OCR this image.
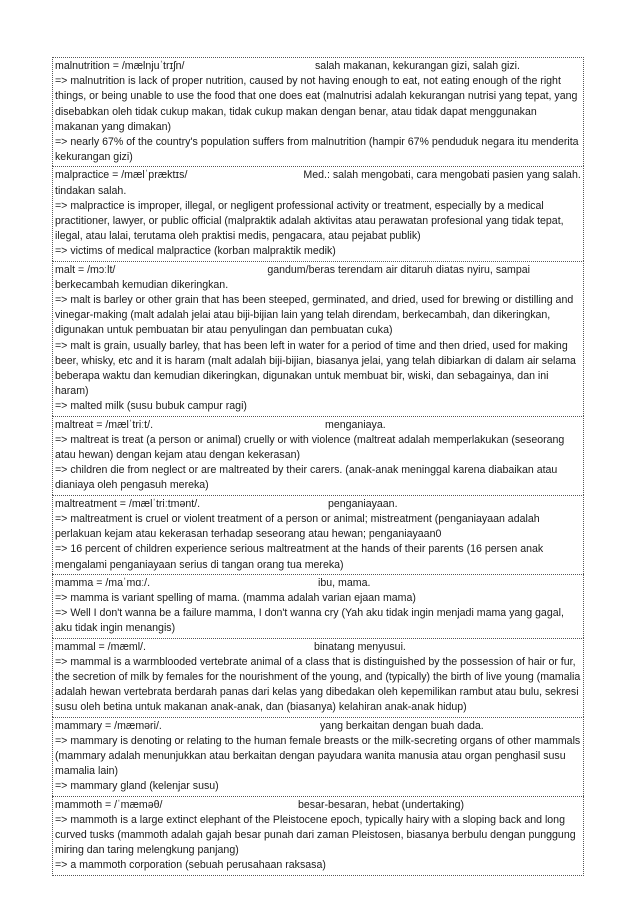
malnutrition = /mælnjuˈtrɪʃn/	salah makanan, kekurangan gizi, salah gizi.
=> malnutrition is lack of proper nutrition, caused by not having enough to eat, not eating enough of the right things, or being unable to use the food that one does eat (malnutrisi adalah kekurangan nutrisi yang tepat, yang disebabkan oleh tidak cukup makan, tidak cukup makan dengan benar, atau tidak dapat menggunakan makanan yang dimakan)
=> nearly 67% of the country's population suffers from malnutrition (hampir 67% penduduk negara itu menderita kekurangan gizi)
malpractice = /mælˈpræktɪs/	Med.: salah mengobati, cara mengobati pasien yang salah. tindakan salah.
=> malpractice is improper, illegal, or negligent professional activity or treatment, especially by a medical practitioner, lawyer, or public official (malpraktik adalah aktivitas atau perawatan profesional yang tidak tepat, ilegal, atau lalai, terutama oleh praktisi medis, pengacara, atau pejabat publik)
=> victims of medical malpractice (korban malpraktik medik)
malt = /mɔːlt/	gandum/beras terendam air ditaruh diatas nyiru, sampai berkecambah kemudian dikeringkan.
=> malt is barley or other grain that has been steeped, germinated, and dried, used for brewing or distilling and vinegar-making (malt adalah jelai atau biji-bijian lain yang telah direndam, berkecambah, dan dikeringkan, digunakan untuk pembuatan bir atau penyulingan dan pembuatan cuka)
=> malt is grain, usually barley, that has been left in water for a period of time and then dried, used for making beer, whisky, etc and it is haram (malt adalah biji-bijian, biasanya jelai, yang telah dibiarkan di dalam air selama beberapa waktu dan kemudian dikeringkan, digunakan untuk membuat bir, wiski, dan sebagainya, dan ini haram)
=> malted milk (susu bubuk campur ragi)
maltreat = /mælˈtriːt/.	menganiaya.
=> maltreat is treat (a person or animal) cruelly or with violence (maltreat adalah memperlakukan (seseorang atau hewan) dengan kejam atau dengan kekerasan)
=> children die from neglect or are maltreated by their carers. (anak-anak meninggal karena diabaikan atau dianiaya oleh pengasuh mereka)
maltreatment = /mælˈtriːtmənt/.	penganiayaan.
=> maltreatment is cruel or violent treatment of a person or animal; mistreatment (penganiayaan adalah perlakuan kejam atau kekerasan terhadap seseorang atau hewan; penganiayaan0
=> 16 percent of children experience serious maltreatment at the hands of their parents (16 persen anak mengalami penganiayaan serius di tangan orang tua mereka)
mamma = /maˈmɑː/.	ibu, mama.
=> mamma is variant spelling of mama. (mamma adalah varian ejaan mama)
=> Well I don't wanna be a failure mamma, I don't wanna cry (Yah aku tidak ingin menjadi mama yang gagal, aku tidak ingin menangis)
mammal = /mæml/.	binatang menyusui.
=> mammal is a warmblooded vertebrate animal of a class that is distinguished by the possession of hair or fur, the secretion of milk by females for the nourishment of the young, and (typically) the birth of live young (mamalia adalah hewan vertebrata berdarah panas dari kelas yang dibedakan oleh kepemilikan rambut atau bulu, sekresi susu oleh betina untuk makanan anak-anak, dan (biasanya) kelahiran anak-anak hidup)
mammary = /mæməri/.	yang berkaitan dengan buah dada.
=> mammary is denoting or relating to the human female breasts or the milk-secreting organs of other mammals (mammary adalah menunjukkan atau berkaitan dengan payudara wanita manusia atau organ penghasil susu mamalia lain)
=> mammary gland (kelenjar susu)
mammoth = /ˈmæməθ/	besar-besaran, hebat (undertaking)
=> mammoth is a large extinct elephant of the Pleistocene epoch, typically hairy with a sloping back and long curved tusks (mammoth adalah gajah besar punah dari zaman Pleistosen, biasanya berbulu dengan punggung miring dan taring melengkung panjang)
=> a mammoth corporation (sebuah perusahaan raksasa)
